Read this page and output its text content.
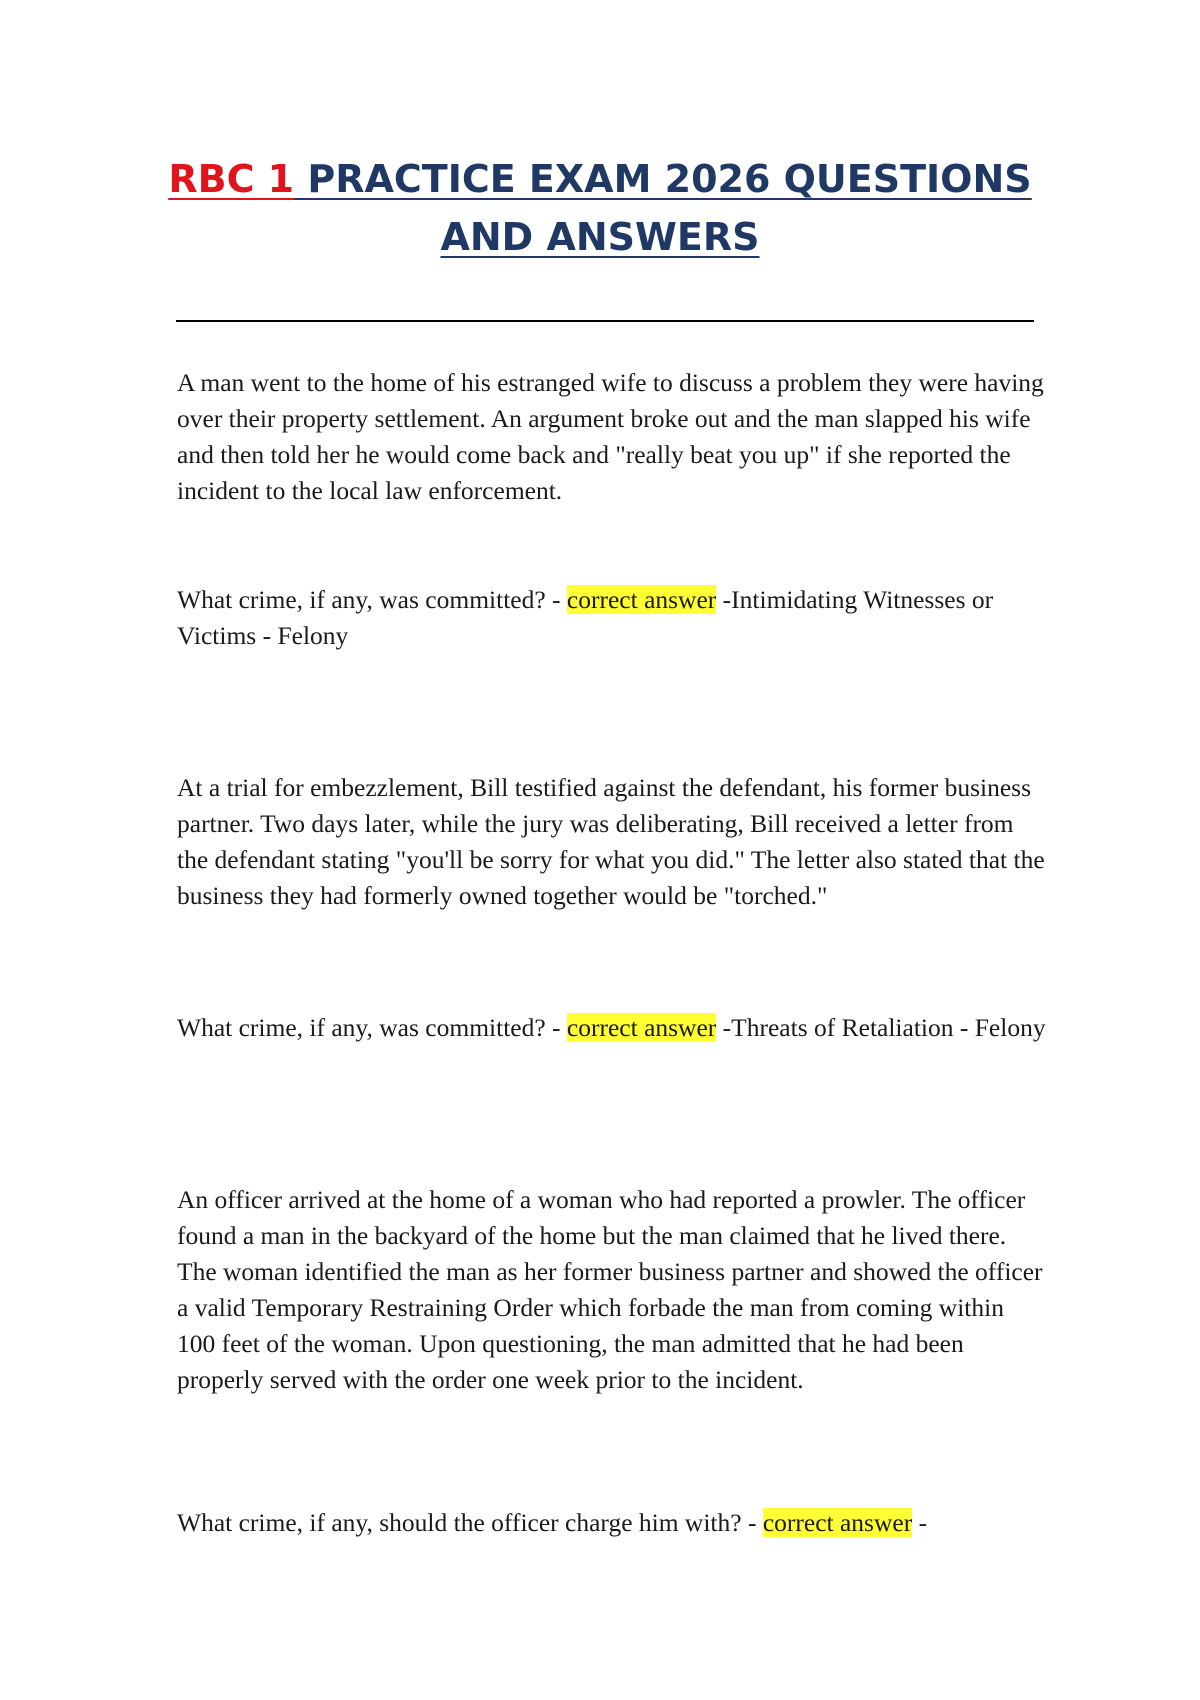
RBC 1 PRACTICE EXAM 2026 QUESTIONS
AND ANSWERS

A man went to the home of his estranged wife to discuss a problem they were having over their property settlement. An argument broke out and the man slapped his wife and then told her he would come back and "really beat you up" if she reported the incident to the local law enforcement.

What crime, if any, was committed? - correct answer -Intimidating Witnesses or Victims - Felony

At a trial for embezzlement, Bill testified against the defendant, his former business partner. Two days later, while the jury was deliberating, Bill received a letter from the defendant stating "you'll be sorry for what you did." The letter also stated that the business they had formerly owned together would be "torched."

What crime, if any, was committed? - correct answer -Threats of Retaliation - Felony

An officer arrived at the home of a woman who had reported a prowler. The officer found a man in the backyard of the home but the man claimed that he lived there. The woman identified the man as her former business partner and showed the officer a valid Temporary Restraining Order which forbade the man from coming within 100 feet of the woman. Upon questioning, the man admitted that he had been properly served with the order one week prior to the incident.

What crime, if any, should the officer charge him with? - correct answer -
